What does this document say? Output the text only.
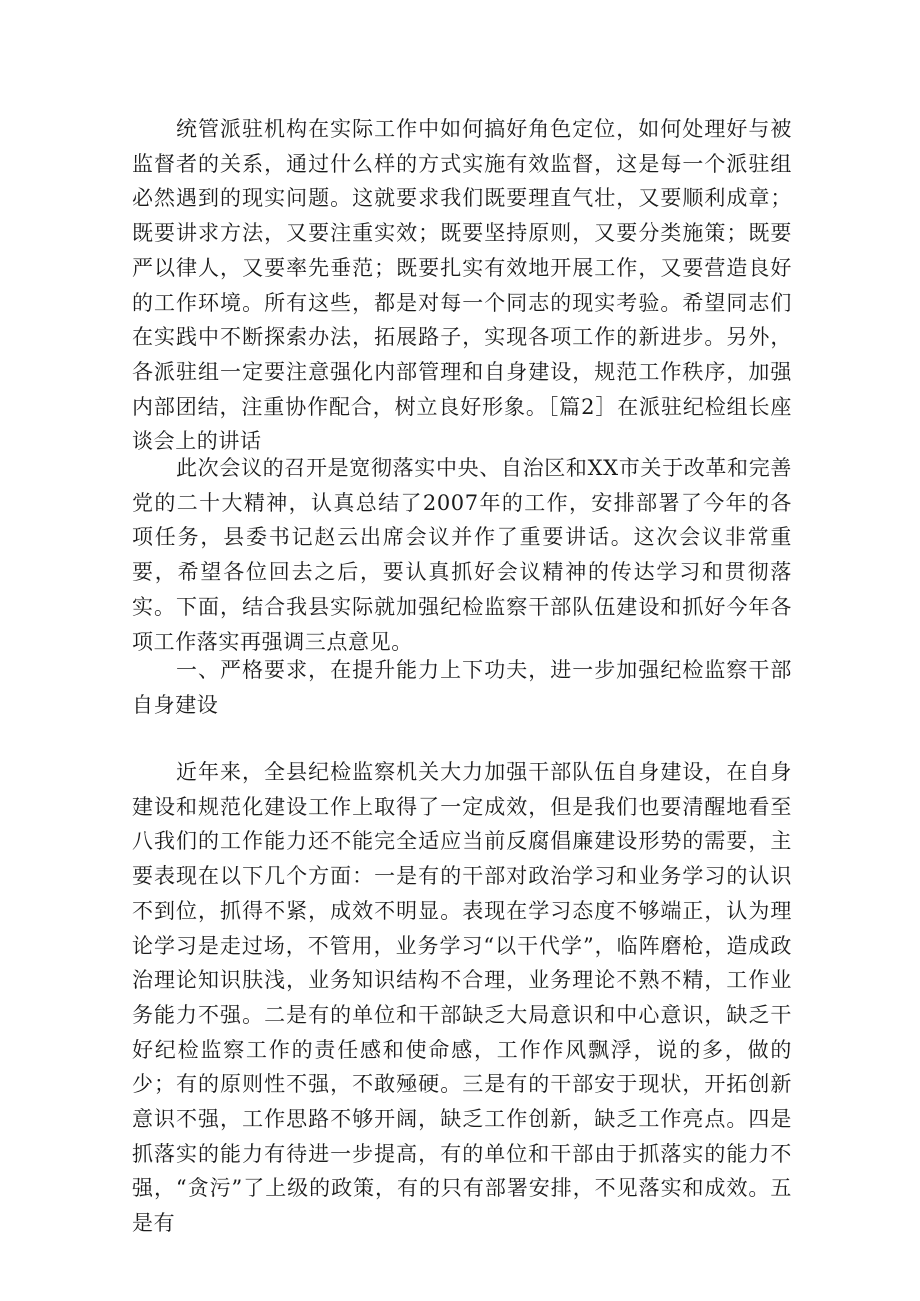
统管派驻机构在实际工作中如何搞好角色定位，如何处理好与被监督者的关系，通过什么样的方式实施有效监督，这是每一个派驻组必然遇到的现实问题。这就要求我们既要理直气壮，又要顺利成章；既要讲求方法，又要注重实效；既要坚持原则，又要分类施策；既要严以律人，又要率先垂范；既要扎实有效地开展工作，又要营造良好的工作环境。所有这些，都是对每一个同志的现实考验。希望同志们在实践中不断探索办法，拓展路子，实现各项工作的新进步。另外，各派驻组一定要注意强化内部管理和自身建设，规范工作秩序，加强内部团结，注重协作配合，树立良好形象。［篇2］在派驻纪检组长座谈会上的讲话

此次会议的召开是宽彻落实中央、自治区和XX市关于改革和完善党的二十大精神，认真总结了2007年的工作，安排部署了今年的各项任务，县委书记赵云出席会议并作了重要讲话。这次会议非常重要，希望各位回去之后，要认真抓好会议精神的传达学习和贯彻落实。下面，结合我县实际就加强纪检监察干部队伍建设和抓好今年各项工作落实再强调三点意见。

一、严格要求，在提升能力上下功夫，进一步加强纪检监察干部自身建设

近年来，全县纪检监察机关大力加强干部队伍自身建设，在自身建设和规范化建设工作上取得了一定成效，但是我们也要清醒地看至八我们的工作能力还不能完全适应当前反腐倡廉建设形势的需要，主要表现在以下几个方面：一是有的干部对政治学习和业务学习的认识不到位，抓得不紧，成效不明显。表现在学习态度不够端正，认为理论学习是走过场，不管用，业务学习“以干代学”，临阵磨枪，造成政治理论知识肤浅，业务知识结构不合理，业务理论不熟不精，工作业务能力不强。二是有的单位和干部缺乏大局意识和中心意识，缺乏干好纪检监察工作的责任感和使命感，工作作风飘浮，说的多，做的少；有的原则性不强，不敢殛硬。三是有的干部安于现状，开拓创新意识不强，工作思路不够开阔，缺乏工作创新，缺乏工作亮点。四是抓落实的能力有待进一步提高，有的单位和干部由于抓落实的能力不强，“贪污”了上级的政策，有的只有部署安排，不见落实和成效。五是有
